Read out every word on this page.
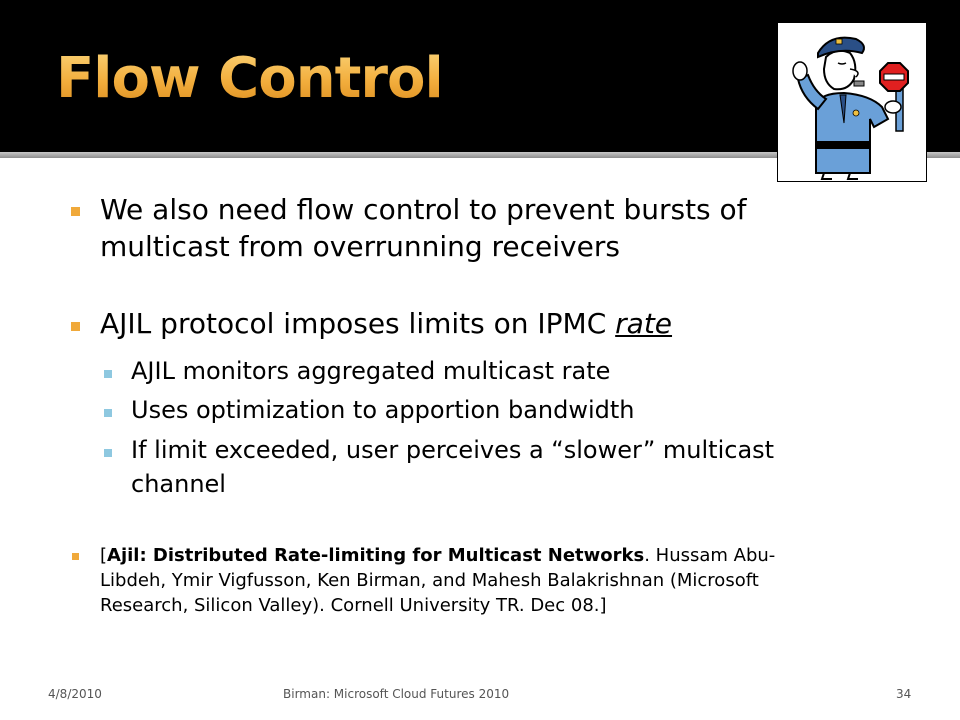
Flow Control
We also need flow control to prevent bursts of
multicast from overrunning receivers
AJIL protocol imposes limits on IPMC rate
AJIL monitors aggregated multicast rate
Uses optimization to apportion bandwidth
If limit exceeded, user perceives a “slower” multicast
channel
[Ajil: Distributed Rate-limiting for Multicast Networks. Hussam Abu-
Libdeh, Ymir Vigfusson, Ken Birman, and Mahesh Balakrishnan (Microsoft
Research, Silicon Valley). Cornell University TR. Dec 08.]
4/8/2010	Birman: Microsoft Cloud Futures 2010	34
